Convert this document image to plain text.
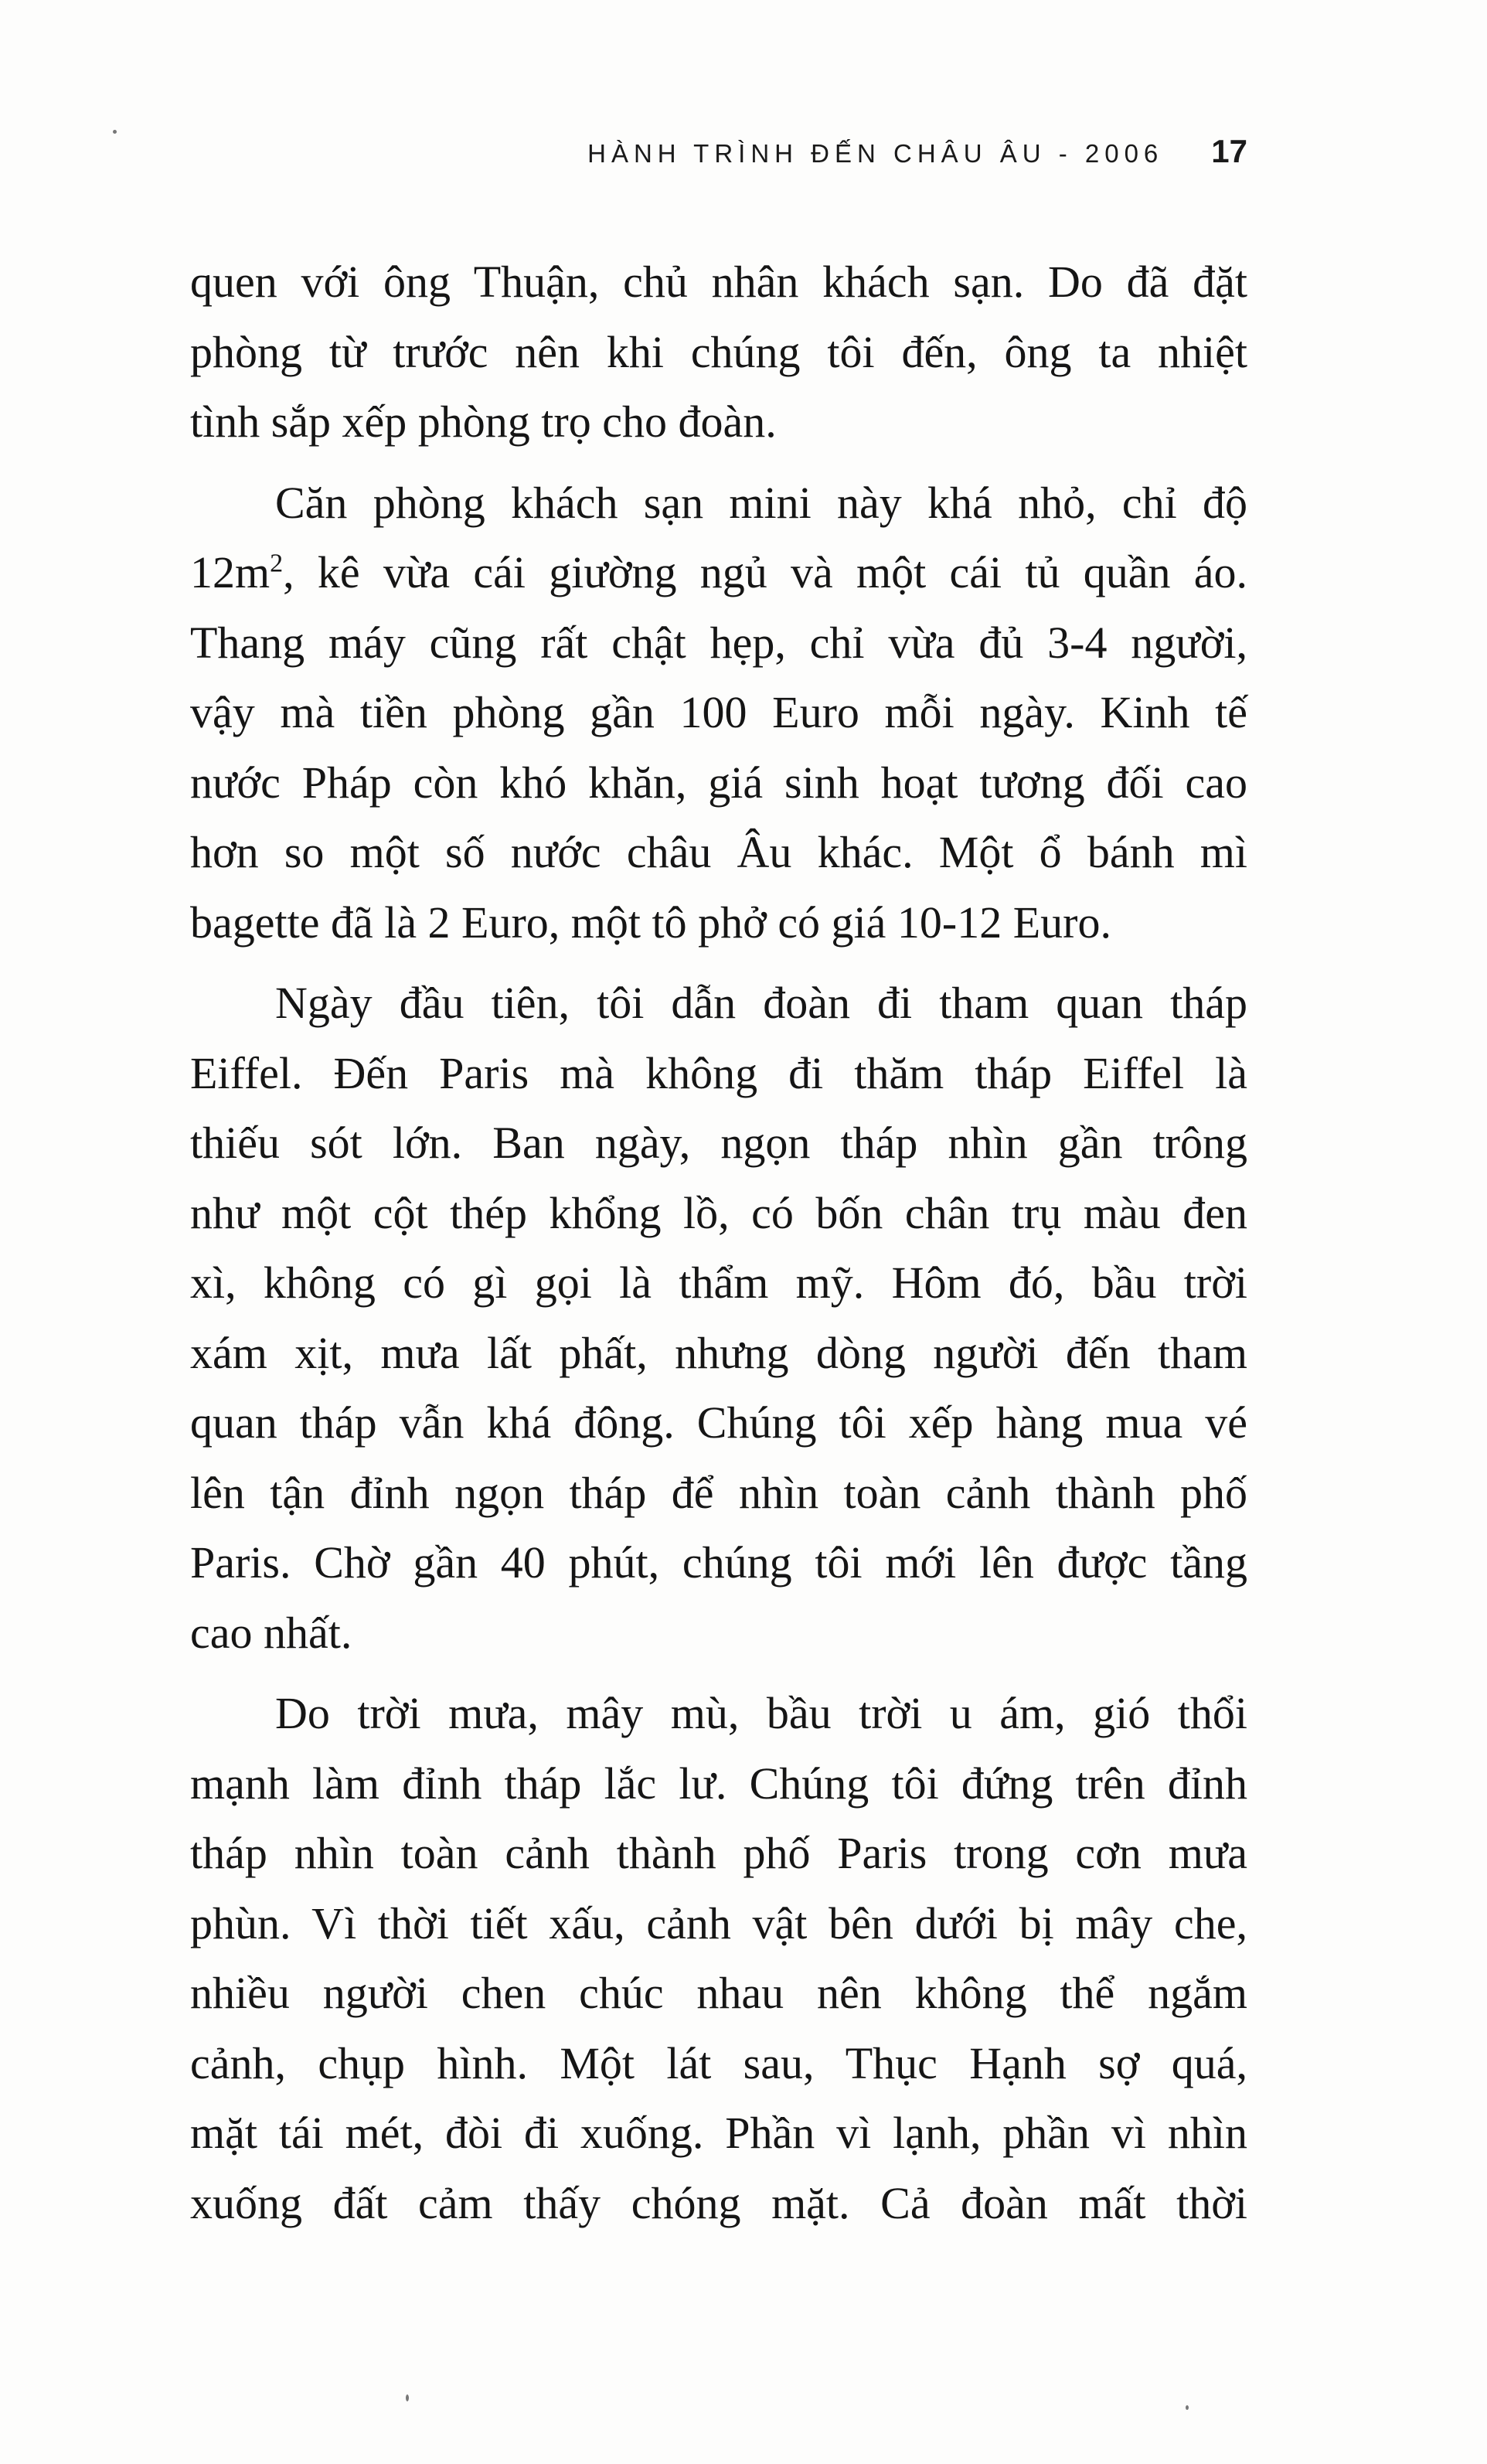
HÀNH TRÌNH ĐẾN CHÂU ÂU - 2006 17

quen với ông Thuận, chủ nhân khách sạn. Do đã đặt
phòng từ trước nên khi chúng tôi đến, ông ta nhiệt
tình sắp xếp phòng trọ cho đoàn.

Căn phòng khách sạn mini này khá nhỏ, chỉ độ
$12m^2$, kê vừa cái giường ngủ và một cái tủ quần áo.
Thang máy cũng rất chật hẹp, chỉ vừa đủ 3-4 người,
vậy mà tiền phòng gần 100 Euro mỗi ngày. Kinh tế
nước Pháp còn khó khăn, giá sinh hoạt tương đối cao
hơn so một số nước châu Âu khác. Một ổ bánh mì
bagette đã là 2 Euro, một tô phở có giá 10-12 Euro.

Ngày đầu tiên, tôi dẫn đoàn đi tham quan tháp
Eiffel. Đến Paris mà không đi thăm tháp Eiffel là
thiếu sót lớn. Ban ngày, ngọn tháp nhìn gần trông
như một cột thép khổng lồ, có bốn chân trụ màu đen
xì, không có gì gọi là thẩm mỹ. Hôm đó, bầu trời
xám xịt, mưa lất phất, nhưng dòng người đến tham
quan tháp vẫn khá đông. Chúng tôi xếp hàng mua vé
lên tận đỉnh ngọn tháp để nhìn toàn cảnh thành phố
Paris. Chờ gần 40 phút, chúng tôi mới lên được tầng
cao nhất.

Do trời mưa, mây mù, bầu trời u ám, gió thổi
mạnh làm đỉnh tháp lắc lư. Chúng tôi đứng trên đỉnh
tháp nhìn toàn cảnh thành phố Paris trong cơn mưa
phùn. Vì thời tiết xấu, cảnh vật bên dưới bị mây che,
nhiều người chen chúc nhau nên không thể ngắm
cảnh, chụp hình. Một lát sau, Thục Hạnh sợ quá,
mặt tái mét, đòi đi xuống. Phần vì lạnh, phần vì nhìn
xuống đất cảm thấy chóng mặt. Cả đoàn mất thời
